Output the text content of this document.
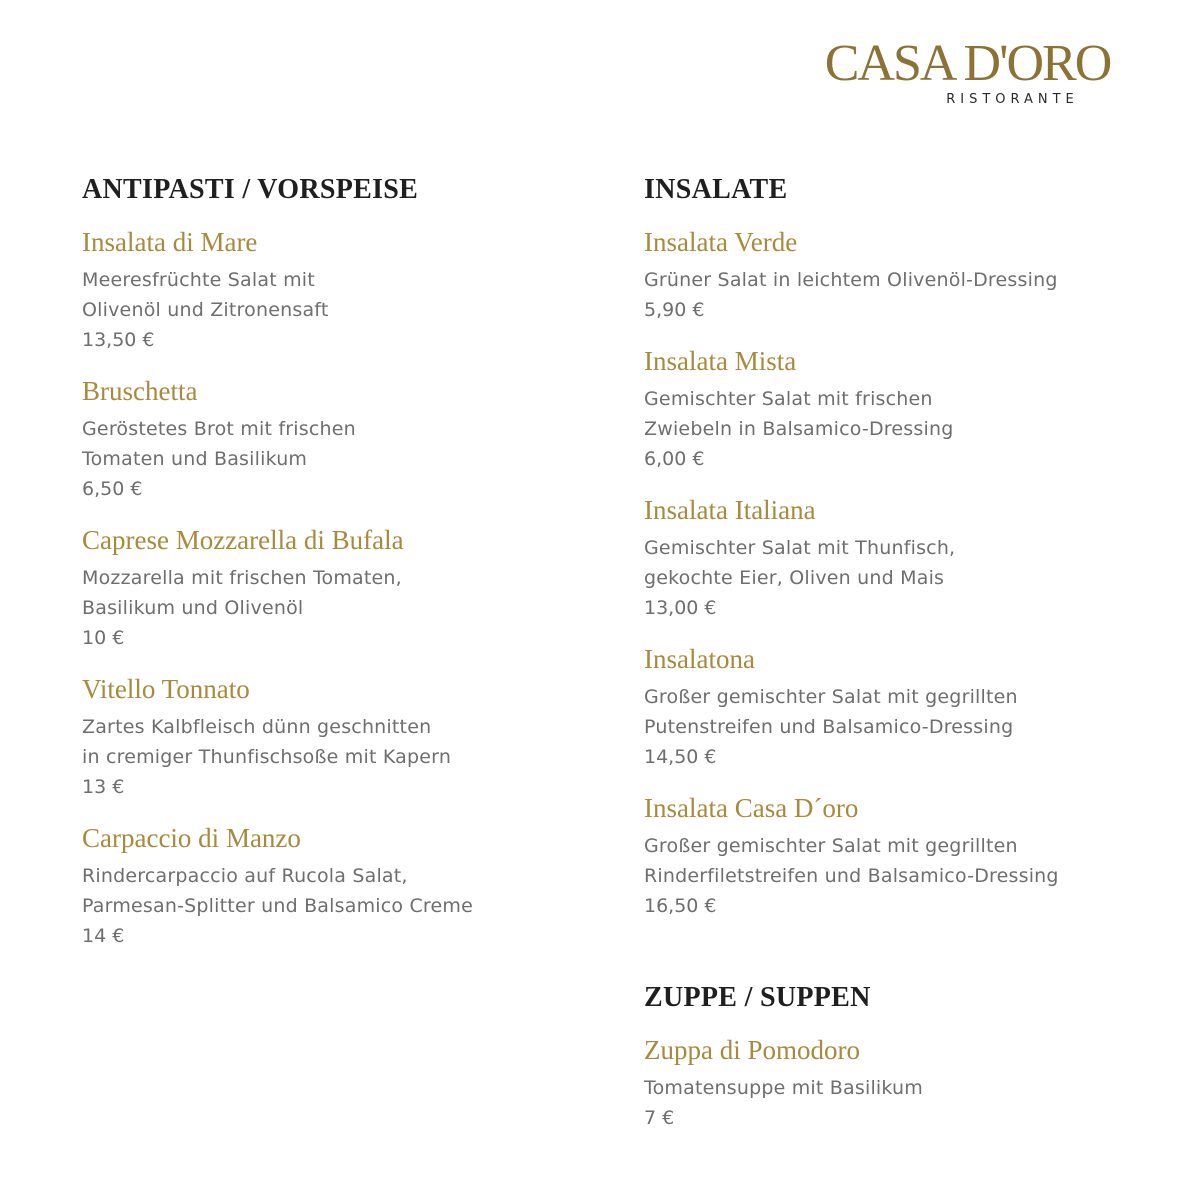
CASA D'ORO
RISTORANTE
ANTIPASTI / VORSPEISE
Insalata di Mare
Meeresfrüchte Salat mit
Olivenöl und Zitronensaft
13,50 €
Bruschetta
Geröstetes Brot mit frischen
Tomaten und Basilikum
6,50 €
Caprese Mozzarella di Bufala
Mozzarella mit frischen Tomaten,
Basilikum und Olivenöl
10 €
Vitello Tonnato
Zartes Kalbfleisch dünn geschnitten
in cremiger Thunfischsoße mit Kapern
13 €
Carpaccio di Manzo
Rindercarpaccio auf Rucola Salat,
Parmesan-Splitter und Balsamico Creme
14 €
INSALATE
Insalata Verde
Grüner Salat in leichtem Olivenöl-Dressing
5,90 €
Insalata Mista
Gemischter Salat mit frischen
Zwiebeln in Balsamico-Dressing
6,00 €
Insalata Italiana
Gemischter Salat mit Thunfisch,
gekochte Eier, Oliven und Mais
13,00 €
Insalatona
Großer gemischter Salat mit gegrillten
Putenstreifen und Balsamico-Dressing
14,50 €
Insalata Casa D´oro
Großer gemischter Salat mit gegrillten
Rinderfiletstreifen und Balsamico-Dressing
16,50 €
ZUPPE / SUPPEN
Zuppa di Pomodoro
Tomatensuppe mit Basilikum
7 €
